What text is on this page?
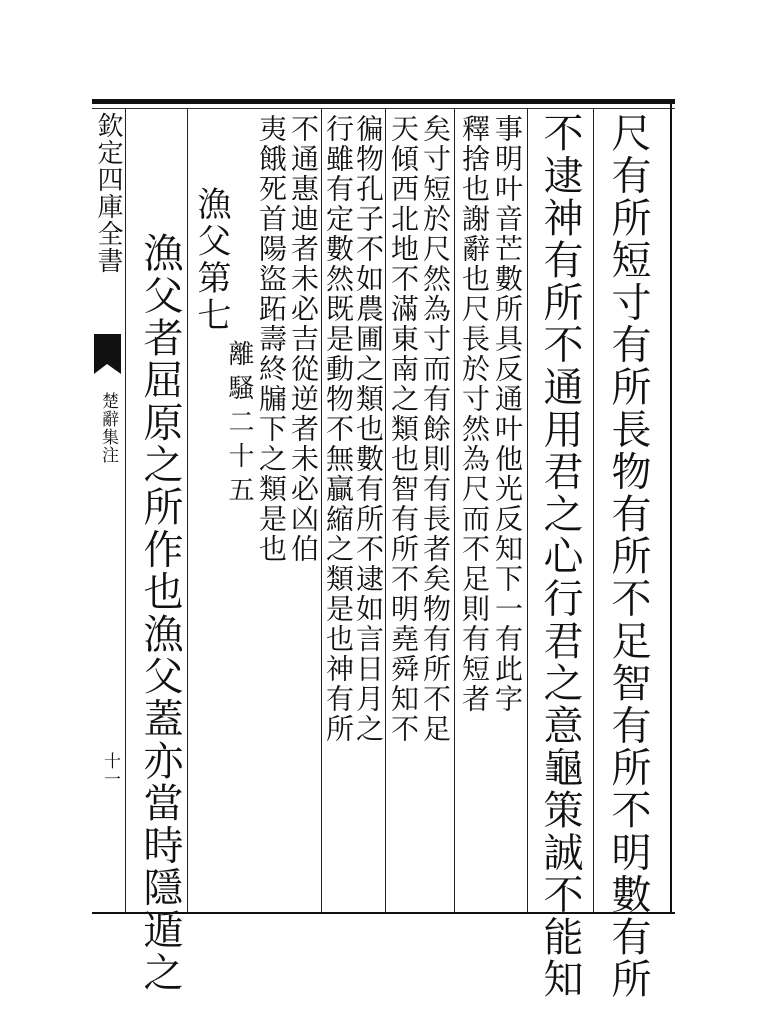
尺有所短寸有所長物有所不足智有所不明數有所
不逮神有所不通用君之心行君之意龜策誠不能知
事明叶音芒數所具反通叶他光反知下一有此字
釋捨也謝辭也尺長於寸然為尺而不足則有短者
矣寸短於尺然為寸而有餘則有長者矣物有所不足
天傾西北地不滿東南之類也智有所不明堯舜知不
徧物孔子不如農圃之類也數有所不逮如言日月之
行雖有定數然既是動物不無贏縮之類是也神有所
不通惠迪者未必吉從逆者未必凶伯
夷餓死首陽盜跖壽終牖下之類是也
離騷二十五
漁父第七
漁父者屈原之所作也漁父蓋亦當時隱遁之
欽定四庫全書
楚辭集注
十一
